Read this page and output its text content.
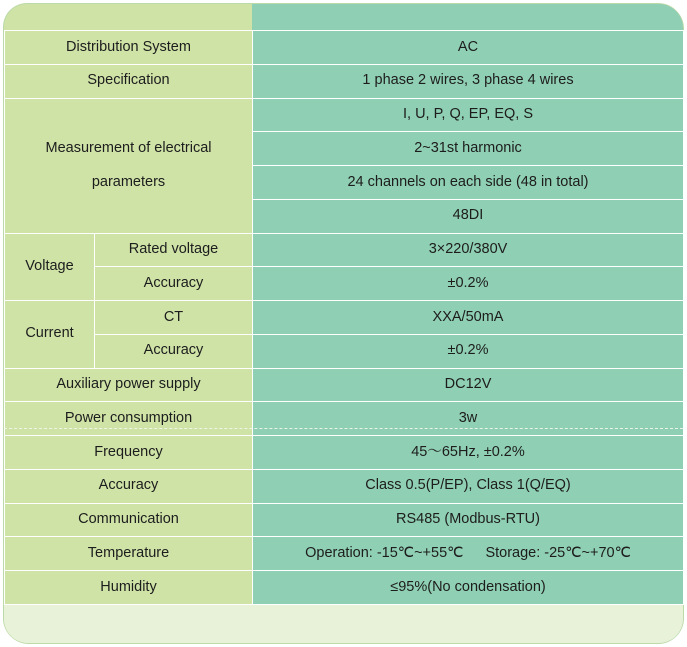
Distribution System		AC
Specification		1 phase 2 wires, 3 phase 4 wires

Measurement of electrical
parameters		I, U, P, Q, EP, EQ, S
		2~31st harmonic
		24 channels on each side (48 in total)
		48DI
Voltage	Rated voltage	3×220/380V
	Accuracy	±0.2%
Current	CT	XXA/50mA
	Accuracy	±0.2%
Auxiliary power supply		DC12V
Power consumption		3w
Frequency		45〜65Hz, ±0.2%
Accuracy		Class 0.5(P/EP), Class 1(Q/EQ)
Communication		RS485 (Modbus-RTU)
Temperature		Operation: -15℃~+55℃ Storage: -25℃~+70℃
Humidity		≤95%(No condensation)
